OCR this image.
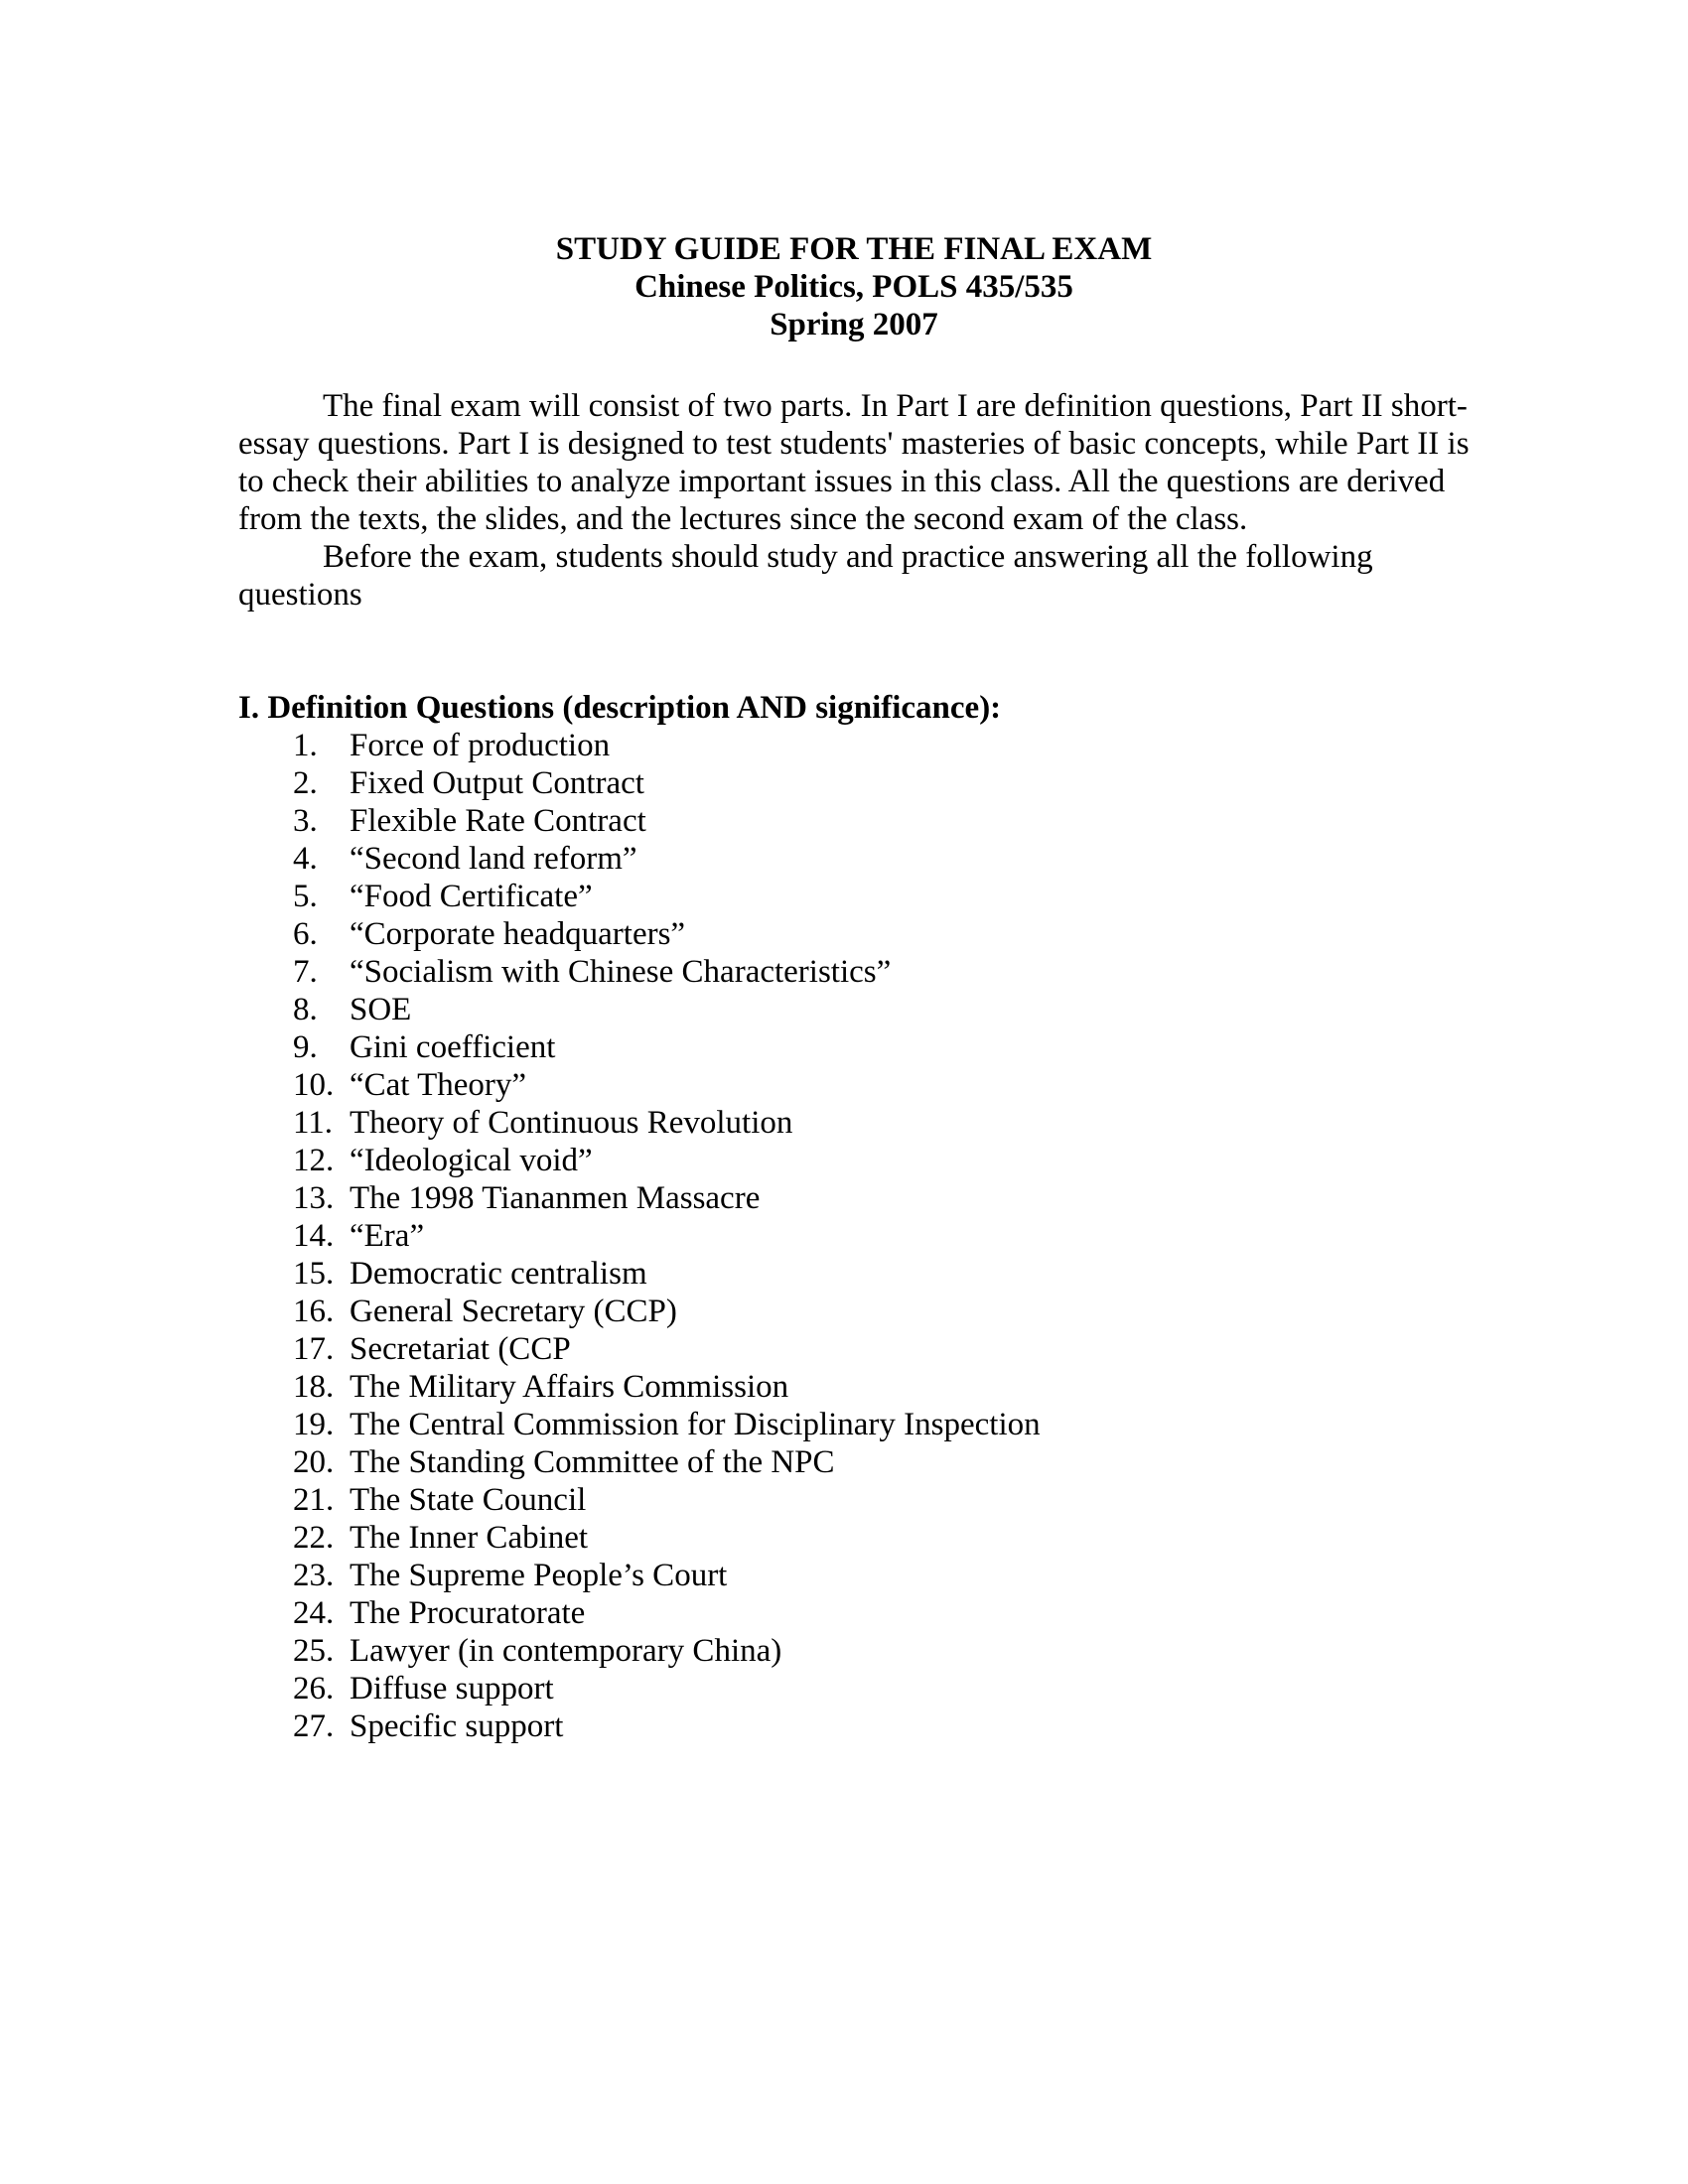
STUDY GUIDE FOR THE FINAL EXAM
Chinese Politics, POLS 435/535
Spring 2007

The final exam will consist of two parts. In Part I are definition questions, Part II short-essay questions. Part I is designed to test students' masteries of basic concepts, while Part II is to check their abilities to analyze important issues in this class. All the questions are derived from the texts, the slides, and the lectures since the second exam of the class.

Before the exam, students should study and practice answering all the following questions

I. Definition Questions (description AND significance):

1. Force of production
2. Fixed Output Contract
3. Flexible Rate Contract
4. “Second land reform”
5. “Food Certificate”
6. “Corporate headquarters”
7. “Socialism with Chinese Characteristics”
8. SOE
9. Gini coefficient
10. “Cat Theory”
11. Theory of Continuous Revolution
12. “Ideological void”
13. The 1998 Tiananmen Massacre
14. “Era”
15. Democratic centralism
16. General Secretary (CCP)
17. Secretariat (CCP
18. The Military Affairs Commission
19. The Central Commission for Disciplinary Inspection
20. The Standing Committee of the NPC
21. The State Council
22. The Inner Cabinet
23. The Supreme People’s Court
24. The Procuratorate
25. Lawyer (in contemporary China)
26. Diffuse support
27. Specific support
